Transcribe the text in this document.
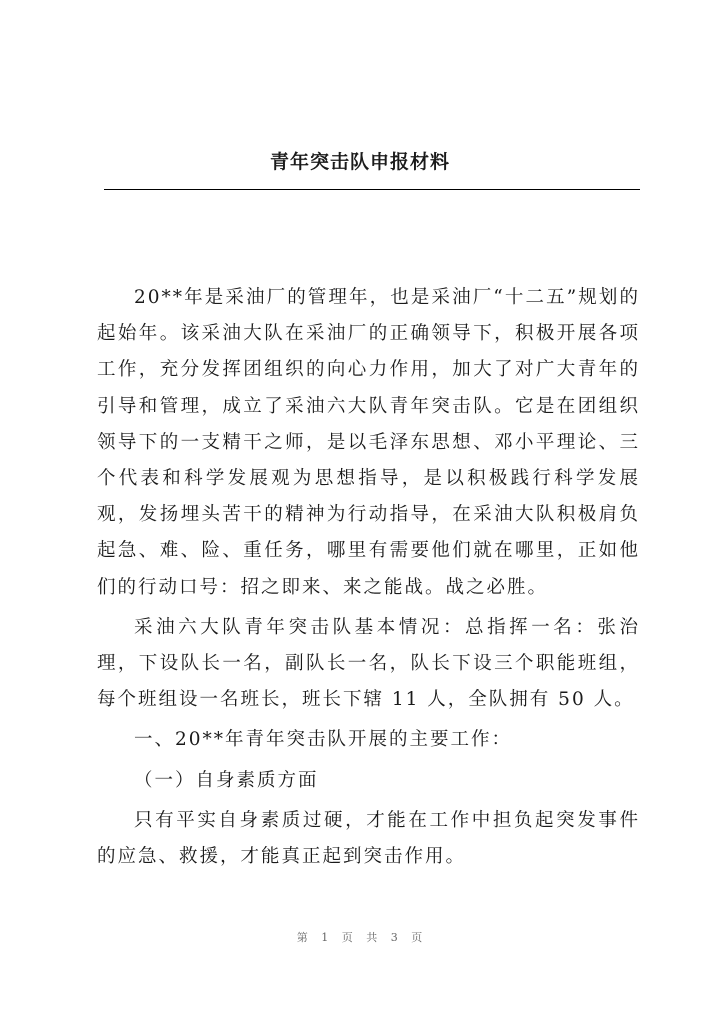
青年突击队申报材料

20**年是采油厂的管理年，也是采油厂“十二五”规划的起始年。该采油大队在采油厂的正确领导下，积极开展各项工作，充分发挥团组织的向心力作用，加大了对广大青年的引导和管理，成立了采油六大队青年突击队。它是在团组织领导下的一支精干之师，是以毛泽东思想、邓小平理论、三个代表和科学发展观为思想指导，是以积极践行科学发展观，发扬埋头苦干的精神为行动指导，在采油大队积极肩负起急、难、险、重任务，哪里有需要他们就在哪里，正如他们的行动口号：招之即来、来之能战。战之必胜。

采油六大队青年突击队基本情况：总指挥一名：张治理，下设队长一名，副队长一名，队长下设三个职能班组，每个班组设一名班长，班长下辖 11 人，全队拥有 50 人。

一、20**年青年突击队开展的主要工作：

（一）自身素质方面

只有平实自身素质过硬，才能在工作中担负起突发事件的应急、救援，才能真正起到突击作用。

第 1 页 共 3 页
